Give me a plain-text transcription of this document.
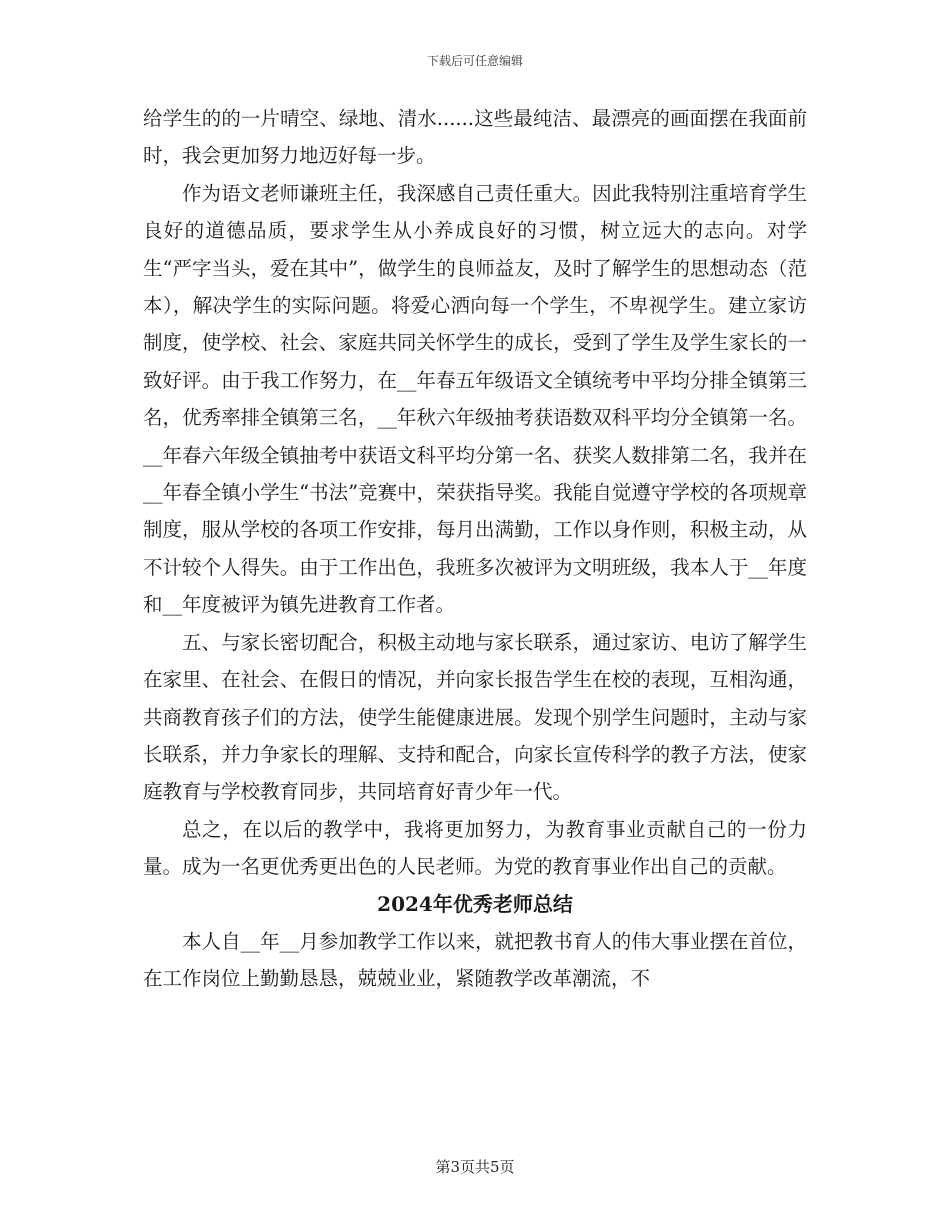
下载后可任意编辑

给学生的的一片晴空、绿地、清水......这些最纯洁、最漂亮的画面摆在我面前时，我会更加努力地迈好每一步。

作为语文老师谦班主任，我深感自己责任重大。因此我特别注重培育学生良好的道德品质，要求学生从小养成良好的习惯，树立远大的志向。对学生“严字当头，爱在其中”，做学生的良师益友，及时了解学生的思想动态（范本），解决学生的实际问题。将爱心洒向每一个学生，不卑视学生。建立家访制度，使学校、社会、家庭共同关怀学生的成长，受到了学生及学生家长的一致好评。由于我工作努力，在__年春五年级语文全镇统考中平均分排全镇第三名，优秀率排全镇第三名，__年秋六年级抽考获语数双科平均分全镇第一名。__年春六年级全镇抽考中获语文科平均分第一名、获奖人数排第二名，我并在__年春全镇小学生“书法”竞赛中，荣获指导奖。我能自觉遵守学校的各项规章制度，服从学校的各项工作安排，每月出满勤，工作以身作则，积极主动，从不计较个人得失。由于工作出色，我班多次被评为文明班级，我本人于__年度和__年度被评为镇先进教育工作者。

五、与家长密切配合，积极主动地与家长联系，通过家访、电访了解学生在家里、在社会、在假日的情况，并向家长报告学生在校的表现，互相沟通，共商教育孩子们的方法，使学生能健康进展。发现个别学生问题时，主动与家长联系，并力争家长的理解、支持和配合，向家长宣传科学的教子方法，使家庭教育与学校教育同步，共同培育好青少年一代。

总之，在以后的教学中，我将更加努力，为教育事业贡献自己的一份力量。成为一名更优秀更出色的人民老师。为党的教育事业作出自己的贡献。

2024年优秀老师总结

本人自__年__月参加教学工作以来，就把教书育人的伟大事业摆在首位，在工作岗位上勤勤恳恳，兢兢业业，紧随教学改革潮流，不

第3页共5页
